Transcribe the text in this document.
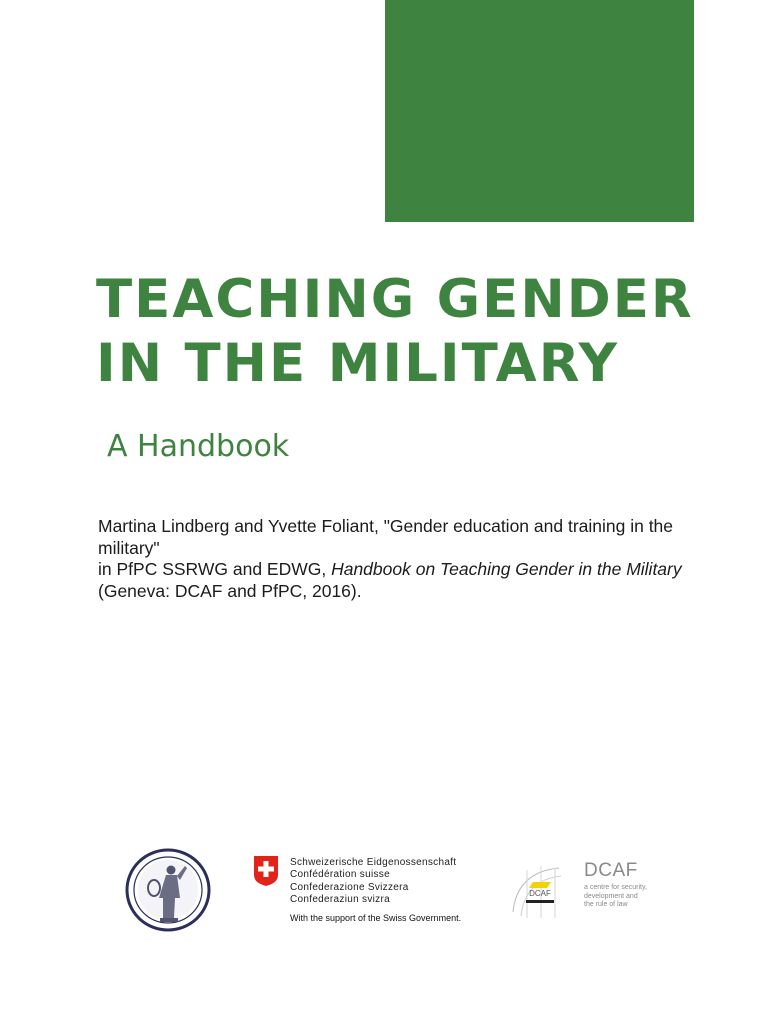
TEACHING GENDER
IN THE MILITARY
A Handbook
Martina Lindberg and Yvette Foliant, "Gender education and training in the
military"
in PfPC SSRWG and EDWG, Handbook on Teaching Gender in the Military
(Geneva: DCAF and PfPC, 2016).
Schweizerische Eidgenossenschaft
Confédération suisse
Confederazione Svizzera
Confederaziun svizra
With the support of the Swiss Government.
DCAF
DCAF
a centre for security,
development and
the rule of law
